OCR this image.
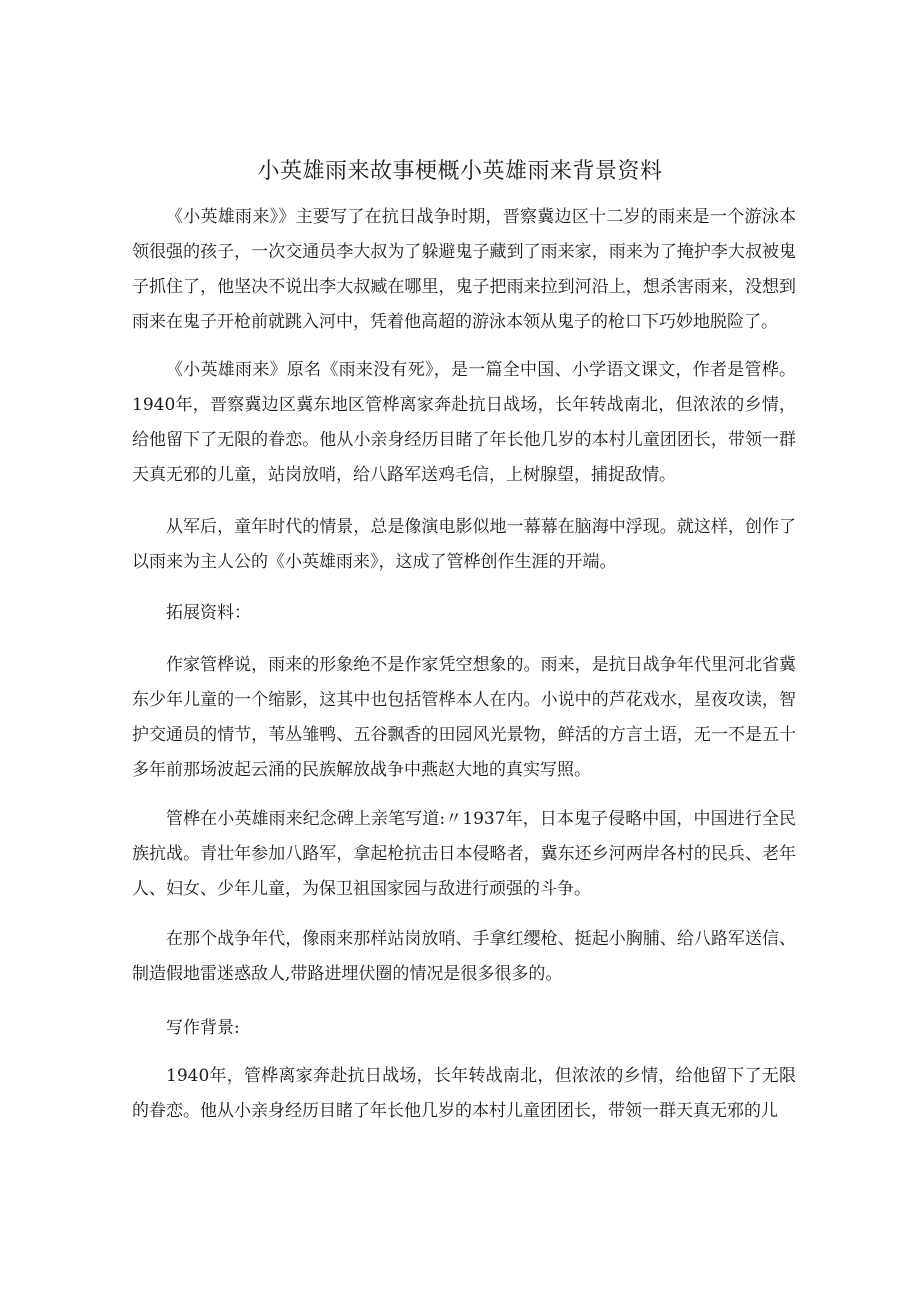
小英雄雨来故事梗概小英雄雨来背景资料

《小英雄雨来》》主要写了在抗日战争时期，晋察冀边区十二岁的雨来是一个游泳本领很强的孩子，一次交通员李大叔为了躲避鬼子藏到了雨来家，雨来为了掩护李大叔被鬼子抓住了，他坚决不说出李大叔臧在哪里，鬼子把雨来拉到河沿上，想杀害雨来，没想到雨来在鬼子开枪前就跳入河中，凭着他高超的游泳本领从鬼子的枪口下巧妙地脱险了。

《小英雄雨来》原名《雨来没有死》，是一篇全中国、小学语文课文，作者是管桦。1940年，晋察冀边区冀东地区管桦离家奔赴抗日战场，长年转战南北，但浓浓的乡情，给他留下了无限的眷恋。他从小亲身经历目睹了年长他几岁的本村儿童团团长，带领一群天真无邪的儿童，站岗放哨，给八路军送鸡毛信，上树腺望，捕捉敌情。

从军后，童年时代的情景，总是像演电影似地一幕幕在脑海中浮现。就这样，创作了以雨来为主人公的《小英雄雨来》，这成了管桦创作生涯的开端。

拓展资料：

作家管桦说，雨来的形象绝不是作家凭空想象的。雨来，是抗日战争年代里河北省冀东少年儿童的一个缩影，这其中也包括管桦本人在内。小说中的芦花戏水，星夜攻读，智护交通员的情节，苇丛雏鸭、五谷飘香的田园风光景物，鲜活的方言土语，无一不是五十多年前那场波起云涌的民族解放战争中燕赵大地的真实写照。

管桦在小英雄雨来纪念碑上亲笔写道:〃1937年，日本鬼子侵略中国，中国进行全民族抗战。青壮年参加八路军，拿起枪抗击日本侵略者，冀东还乡河两岸各村的民兵、老年人、妇女、少年儿童，为保卫祖国家园与敌进行顽强的斗争。

在那个战争年代，像雨来那样站岗放哨、手拿红缨枪、挺起小胸脯、给八路军送信、制造假地雷迷惑敌人,带路进埋伏圈的情况是很多很多的。

写作背景:

1940年，管桦离家奔赴抗日战场，长年转战南北，但浓浓的乡情，给他留下了无限的眷恋。他从小亲身经历目睹了年长他几岁的本村儿童团团长，带领一群天真无邪的儿
